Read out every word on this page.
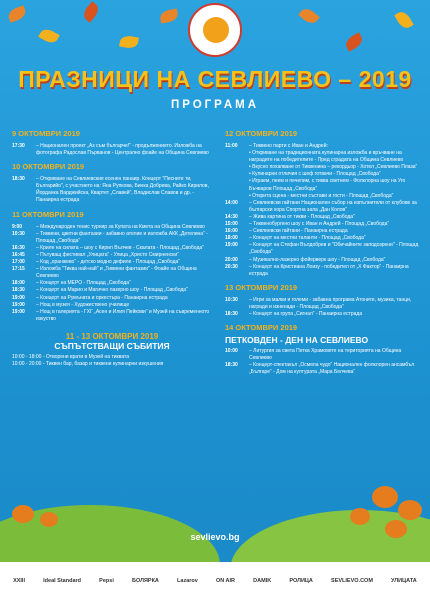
ПРАЗНИЦИ НА СЕВЛИЕВО – 2019
ПРОГРАМА
9 ОКТОМВРИ 2019
17:30	– Национален проект „Аз съм българче!“ - продължението. Изложба на фотографа Радослав Първанов - Централно фоайе на Община Севлиево
10 ОКТОМВРИ 2019
18:30	– Откриване на Севлиевския есенен панаир. Концерт "Песните ти, Българийо", с участието на: Яна Рупкова, Бинка Добрева, Райко Кирилов, Йорданка Варджийска, Квартет „Славей“, Владислав Славов и др. - Панаирна естрада
11 ОКТОМВРИ 2019
9:00	– Международен тенис турнир за Купата на Кмета на Община Севлиево
10:30	– Тиквени, цветни фантазии - забавно ателие и изложба АКК „Детелина“ - Площад „Свобода“
16:30	– Криле на силата – шоу с Кирил Вълчев - Скалата - Площад „Свобода“
16:45	– Пътуващ фестивал „Улицата“ - Улица „Христо Смирненски“
17:00	– Код „оранжево“ - детско модно дефиле - Площад „Свобода“
17:15	– Изложба "Тиква най-най" и „Тиквени фантазии" - Фоайе на Община Севлиево
18:00	– Концерт на МЕРО - Площад „Свобода“
18:30	– Концерт на Марио и Магично лазерно шоу - Площад „Свобода“
19:00	– Концерт на Румъната и оркестъра - Панаирна естрада
19:00	– Нощ в музея - Художествено училище
19:00	– Нощ в галерията - ГХГ „Асен и Илия Пейкови“ и Музей на съвременното изкуство
11 - 13 ОКТОМВРИ 2019
СЪПЪТСТВАЩИ СЪБИТИЯ
10:00 - 18:00 - Отворени врати в Музей на тиквата
10:00 - 20:00 - Тиквен бар, базар и тиквени кулинарни изкушения
12 ОКТОМВРИ 2019
11:00	– Тиквено парти с Иван и Андрей:
• Откриване на традиционната кулинарна изложба и връчване на наградите на победителите - Пред сградата на Община Севлиево
• Вкусно похапване от Тиквенина – рекордьор - Хотел „Севлиево Плаза“
• Кулинарни отличия с шеф готвачи - Площад „Свобода“
• Играем, пеем и печелим, с тиква светнем - Фолклорна шоу на Уго Бъчваров Площад „Свобода“
• Открита сцена - местни състави и гости - Площад „Свобода“
14:00	– Севлиевски гайтани Национален събор на изпълнители от клубове за български хора Спортна зала „Дан Колов“
14:30	– Жива картина от тикви - Площад „Свобода“
15:00	– Тиквенобургено шоу с Иван и Андрей - Площад „Свобода“
16:00	– Севлиевски гайтани - Панаирна естрада
18:00	– Концерт на местни таланти - Площад „Свобода“
19:00	– Концерт на Стефан Вълдобрев и "Обичайните заподозрени" - Площад „Свобода“
20:00	– Музикално-лазерно фойерверк шоу - Площад „Свобода“
20:30	– Концерт на Кристиана Лоизу - победител от „Х Фактор“ - Панаирна естрада
13 ОКТОМВРИ 2019
10:30	– Игри за малки и големи - забавна програма Атоните, музика, танци, награди и изненади - Площад „Свобода“
18:30	– Концерт на група „Сигнал“ - Панаирна естрада
14 ОКТОМВРИ 2019
ПЕТКОВДЕН - ДЕН НА СЕВЛИЕВО
10:00	– Литургия за света Петка Храмовете на територията на Община Севлиево
18:30	– Концерт-спектакъл „Осмела чудо“ Национален фолклорен ансамбъл „Българе“ - Дом на културата „Мара Белчева“
sevlievo.bg
XXIII	Ideal Standard	Pepsi	БОЛЯРКА	Lazarov	ON AIR	DAMIK	РОЛИЦА	SEVLIEVO.COM	УЛИЦАТА
